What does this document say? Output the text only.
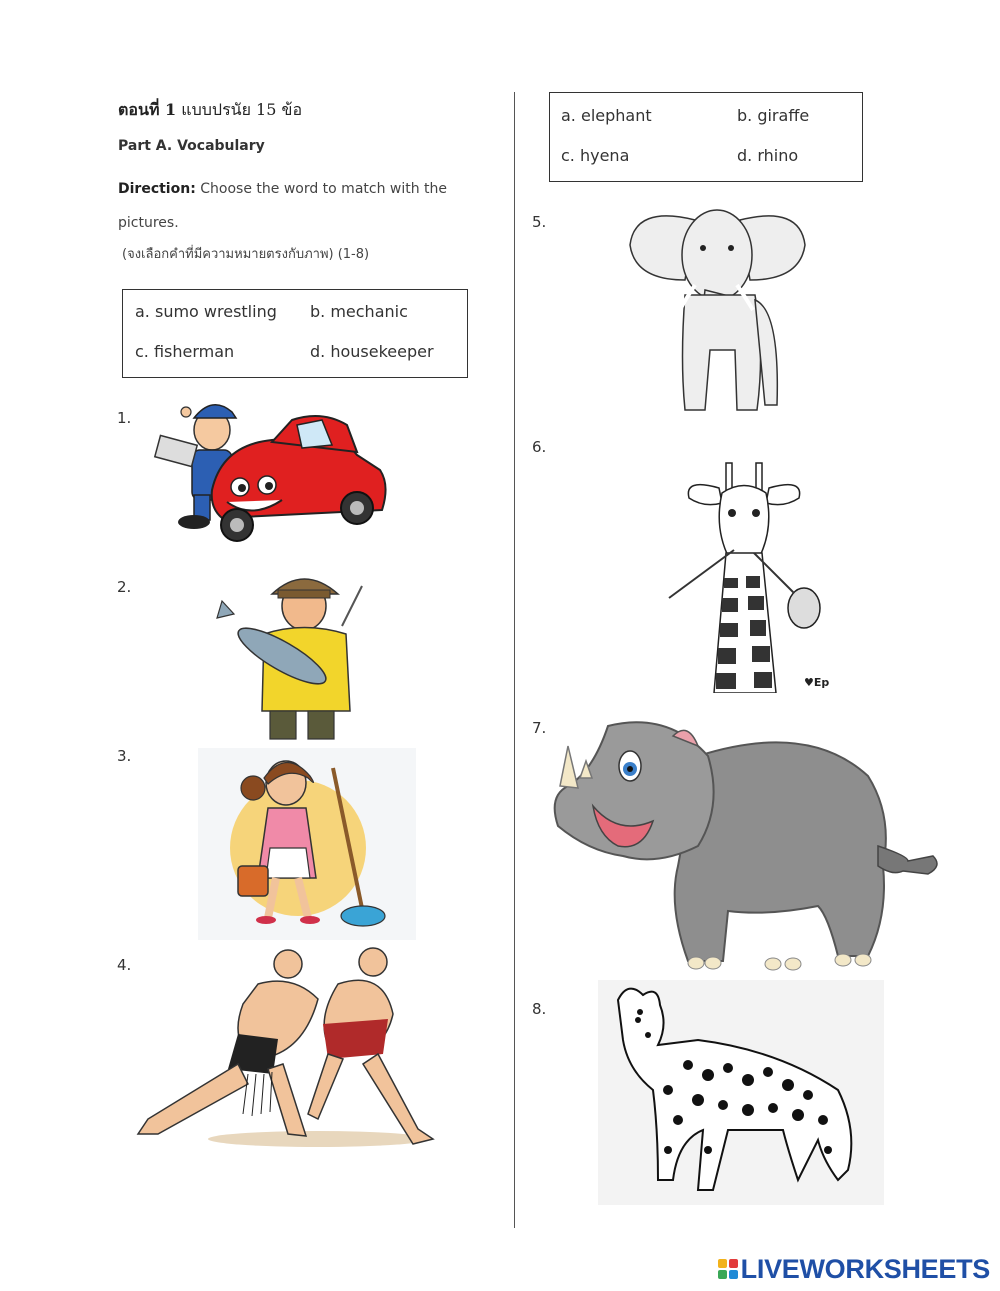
ตอนที่ 1 แบบปรนัย 15 ข้อ
Part A. Vocabulary
Direction: Choose the word to match with the pictures.
(จงเลือกคำที่มีความหมายตรงกับภาพ) (1-8)
a. sumo wrestling b. mechanic
c. fisherman	d. housekeeper
a. elephant	b. giraffe
c. hyena	d. rhino
1.
2.
3.
4.
5.
6.
7.
8.
♥Ep
LIVEWORKSHEETS
